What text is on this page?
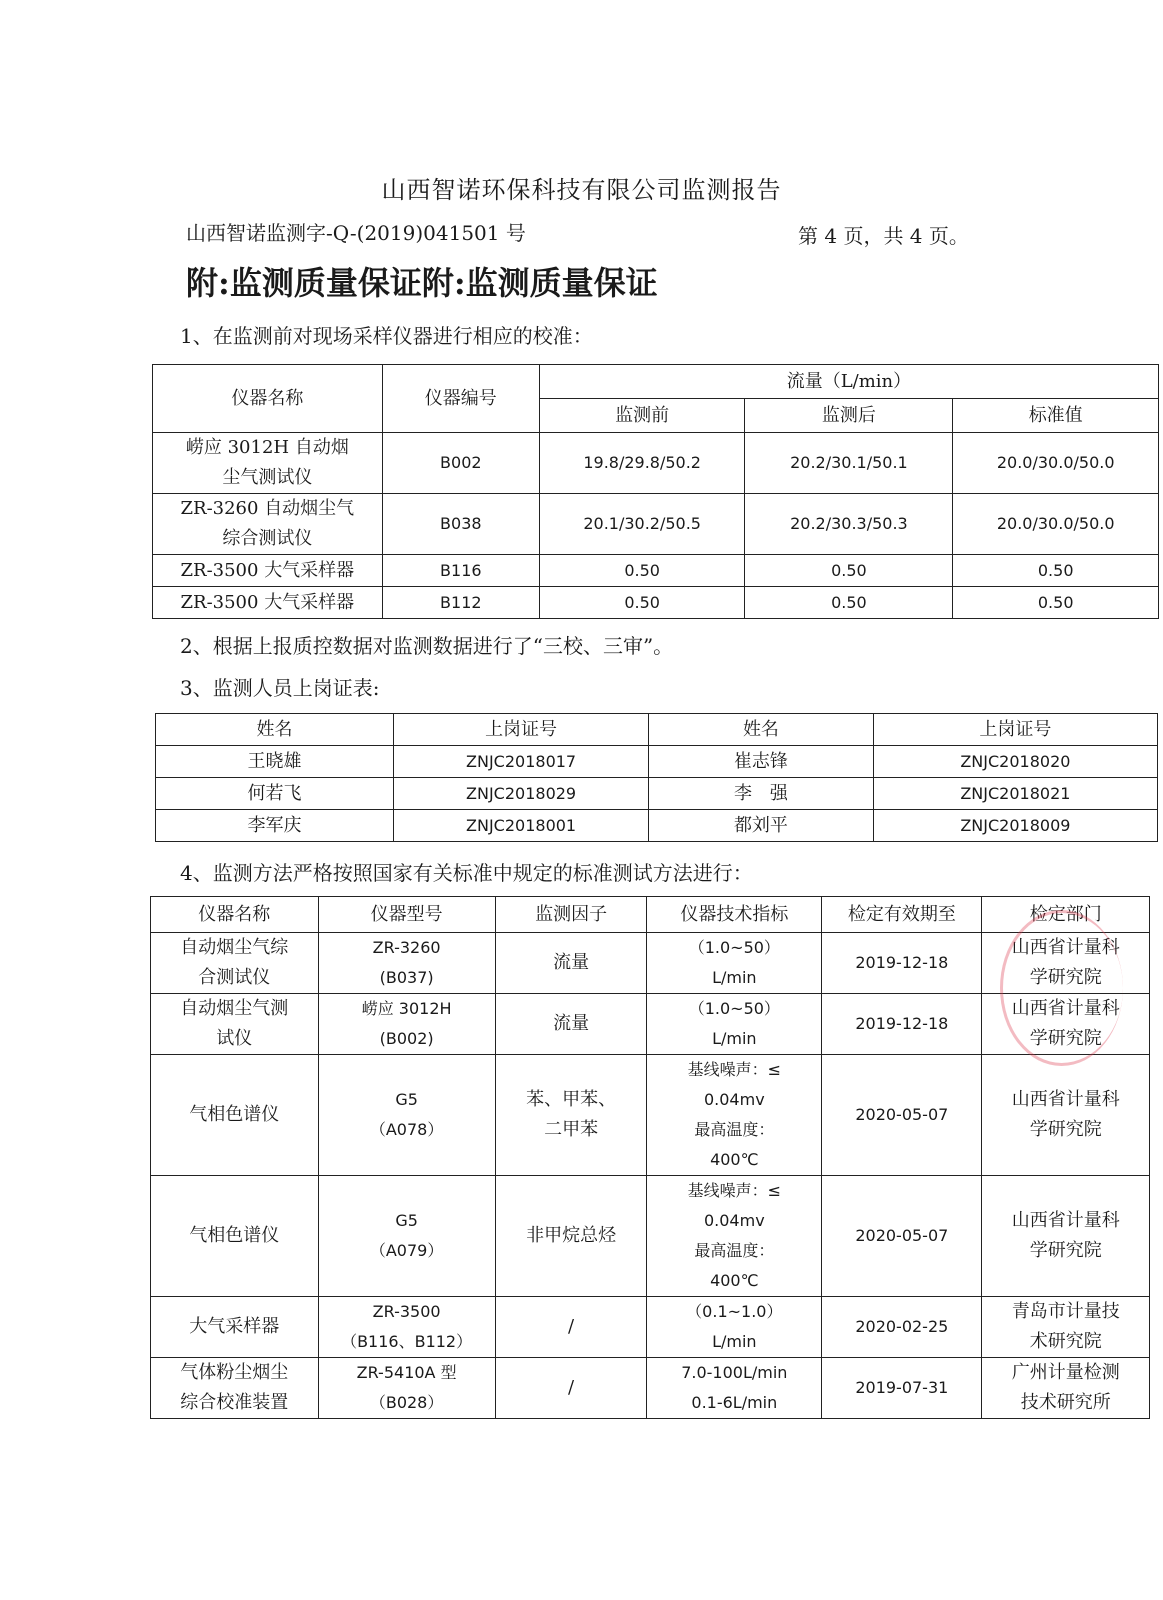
山西智诺环保科技有限公司监测报告
山西智诺监测字-Q-(2019)041501 号	第 4 页，共 4 页。
附:监测质量保证附:监测质量保证
1、在监测前对现场采样仪器进行相应的校准：
仪器名称	仪器编号	流量（L/min）		
		监测前	监测后	标准值

崂应 3012H 自动烟
尘气测试仪	B002	19.8/29.8/50.2	20.2/30.1/50.1	20.0/30.0/50.0

ZR-3260 自动烟尘气
综合测试仪	B038	20.1/30.2/50.5	20.2/30.3/50.3	20.0/30.0/50.0

ZR-3500 大气采样器	B116	0.50	0.50	0.50

ZR-3500 大气采样器	B112	0.50	0.50	0.50
2、根据上报质控数据对监测数据进行了“三校、三审”。
3、监测人员上岗证表:
姓名	上岗证号	姓名	上岗证号
王晓雄	ZNJC2018017	崔志锋	ZNJC2018020
何若飞	ZNJC2018029	李　强	ZNJC2018021
李军庆	ZNJC2018001	都刘平	ZNJC2018009
4、监测方法严格按照国家有关标准中规定的标准测试方法进行：
仪器名称	仪器型号	监测因子	仪器技术指标	检定有效期至	检定部门

自动烟尘气综
合测试仪	ZR-3260
(B037)	流量	（1.0~50）
L/min	2019-12-18	山西省计量科
学研究院

自动烟尘气测
试仪	崂应 3012H
(B002)	流量	（1.0~50）
L/min	2019-12-18	山西省计量科
学研究院

气相色谱仪	G5
（A078）	苯、甲苯、
二甲苯	基线噪声：≤
0.04mv
最高温度：
400℃	2020-05-07	山西省计量科
学研究院

气相色谱仪	G5
（A079）	非甲烷总烃	基线噪声：≤
0.04mv
最高温度：
400℃	2020-05-07	山西省计量科
学研究院

大气采样器	ZR-3500
（B116、B112）	/	（0.1~1.0）
L/min	2020-02-25	青岛市计量技
术研究院

气体粉尘烟尘
综合校准装置	ZR-5410A 型
（B028）	/	7.0-100L/min
0.1-6L/min	2019-07-31	广州计量检测
技术研究所
